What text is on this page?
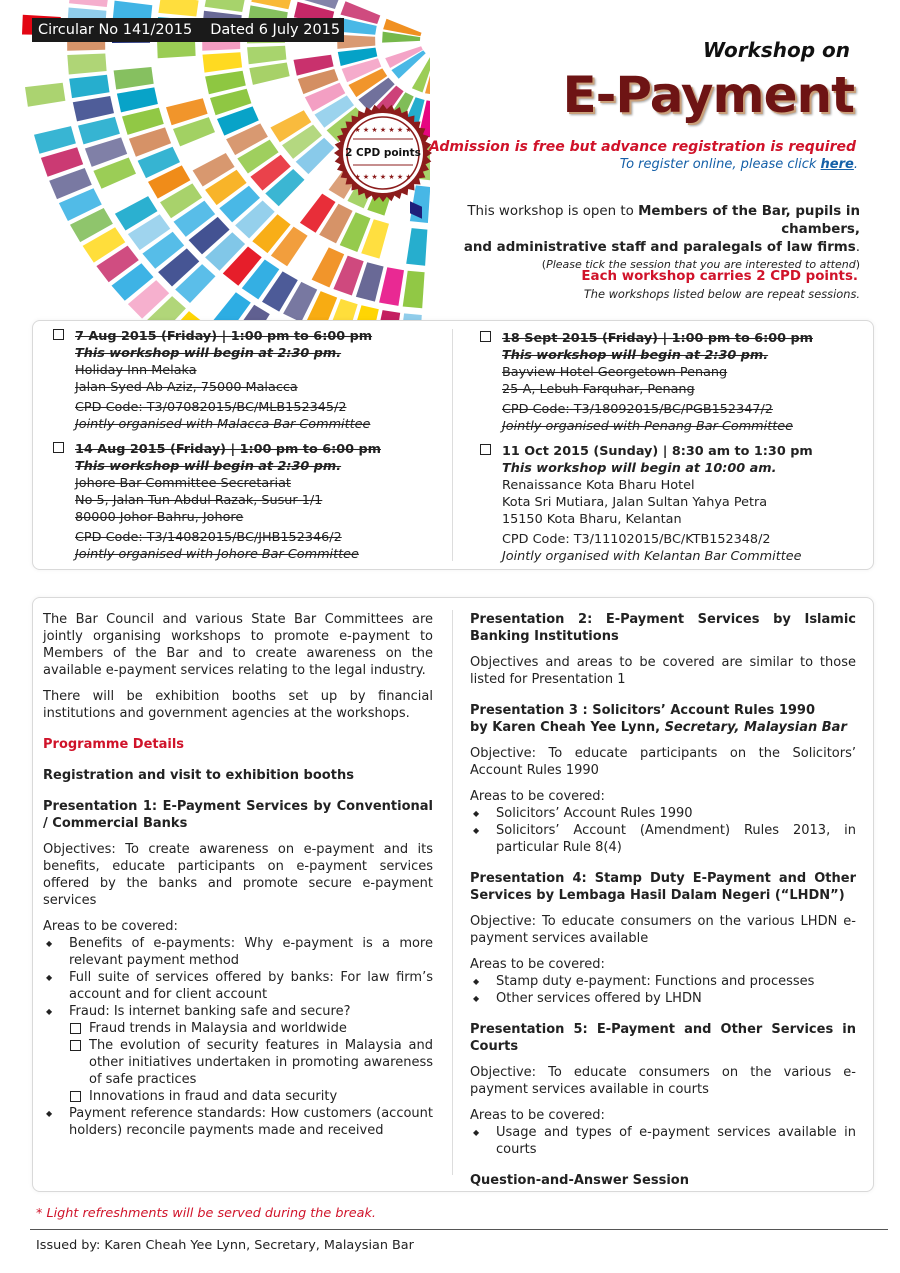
Circular No 141/2015 Dated 6 July 2015
Workshop on
E-Payment
★ ★ ★ ★ ★ ★ ★
★ ★ ★ ★ ★ ★ ★
2 CPD points Admission is free but advance registration is required
To register online, please click here.
This workshop is open to Members of the Bar, pupils in chambers,
and administrative staff and paralegals of law firms.
(Please tick the session that you are interested to attend)
Each workshop carries 2 CPD points.
The workshops listed below are repeat sessions.
7 Aug 2015 (Friday) | 1:00 pm to 6:00 pm
This workshop will begin at 2:30 pm.
Holiday Inn Melaka
Jalan Syed Ab Aziz, 75000 Malacca
CPD Code: T3/07082015/BC/MLB152345/2
Jointly organised with Malacca Bar Committee
14 Aug 2015 (Friday) | 1:00 pm to 6:00 pm
This workshop will begin at 2:30 pm.
Johore Bar Committee Secretariat
No 5, Jalan Tun Abdul Razak, Susur 1/1
80000 Johor Bahru, Johore
CPD Code: T3/14082015/BC/JHB152346/2
Jointly organised with Johore Bar Committee
18 Sept 2015 (Friday) | 1:00 pm to 6:00 pm
This workshop will begin at 2:30 pm.
Bayview Hotel Georgetown Penang
25-A, Lebuh Farquhar, Penang
CPD Code: T3/18092015/BC/PGB152347/2
Jointly organised with Penang Bar Committee
11 Oct 2015 (Sunday) | 8:30 am to 1:30 pm
This workshop will begin at 10:00 am.
Renaissance Kota Bharu Hotel
Kota Sri Mutiara, Jalan Sultan Yahya Petra
15150 Kota Bharu, Kelantan
CPD Code: T3/11102015/BC/KTB152348/2
Jointly organised with Kelantan Bar Committee

The Bar Council and various State Bar Committees are jointly organising workshops to promote e-payment to Members of the Bar and to create awareness on the available e-payment services relating to the legal industry.

There will be exhibition booths set up by financial institutions and government agencies at the workshops.

Programme Details

Registration and visit to exhibition booths

Presentation 1: E-Payment Services by Conventional / Commercial Banks

Objectives: To create awareness on e-payment and its benefits, educate participants on e-payment services offered by the banks and promote secure e-payment services

Areas to be covered:
◆ Benefits of e-payments: Why e-payment is a more relevant payment method
◆ Full suite of services offered by banks: For law firm’s account and for client account
◆ Fraud: Is internet banking safe and secure?
Fraud trends in Malaysia and worldwide
The evolution of security features in Malaysia and other initiatives undertaken in promoting awareness of safe practices
Innovations in fraud and data security
◆ Payment reference standards: How customers (account holders) reconcile payments made and received

Presentation 2: E-Payment Services by Islamic Banking Institutions

Objectives and areas to be covered are similar to those listed for Presentation 1

Presentation 3 : Solicitors’ Account Rules 1990
by Karen Cheah Yee Lynn, Secretary, Malaysian Bar

Objective: To educate participants on the Solicitors’ Account Rules 1990

Areas to be covered:
◆ Solicitors’ Account Rules 1990
◆ Solicitors’ Account (Amendment) Rules 2013, in particular Rule 8(4)

Presentation 4: Stamp Duty E-Payment and Other Services by Lembaga Hasil Dalam Negeri (“LHDN”)

Objective: To educate consumers on the various LHDN e-payment services available

Areas to be covered:
◆ Stamp duty e-payment: Functions and processes
◆ Other services offered by LHDN

Presentation 5: E-Payment and Other Services in Courts

Objective: To educate consumers on the various e-payment services available in courts

Areas to be covered:
◆ Usage and types of e-payment services available in courts

Question-and-Answer Session

* Light refreshments will be served during the break.
Issued by: Karen Cheah Yee Lynn, Secretary, Malaysian Bar
